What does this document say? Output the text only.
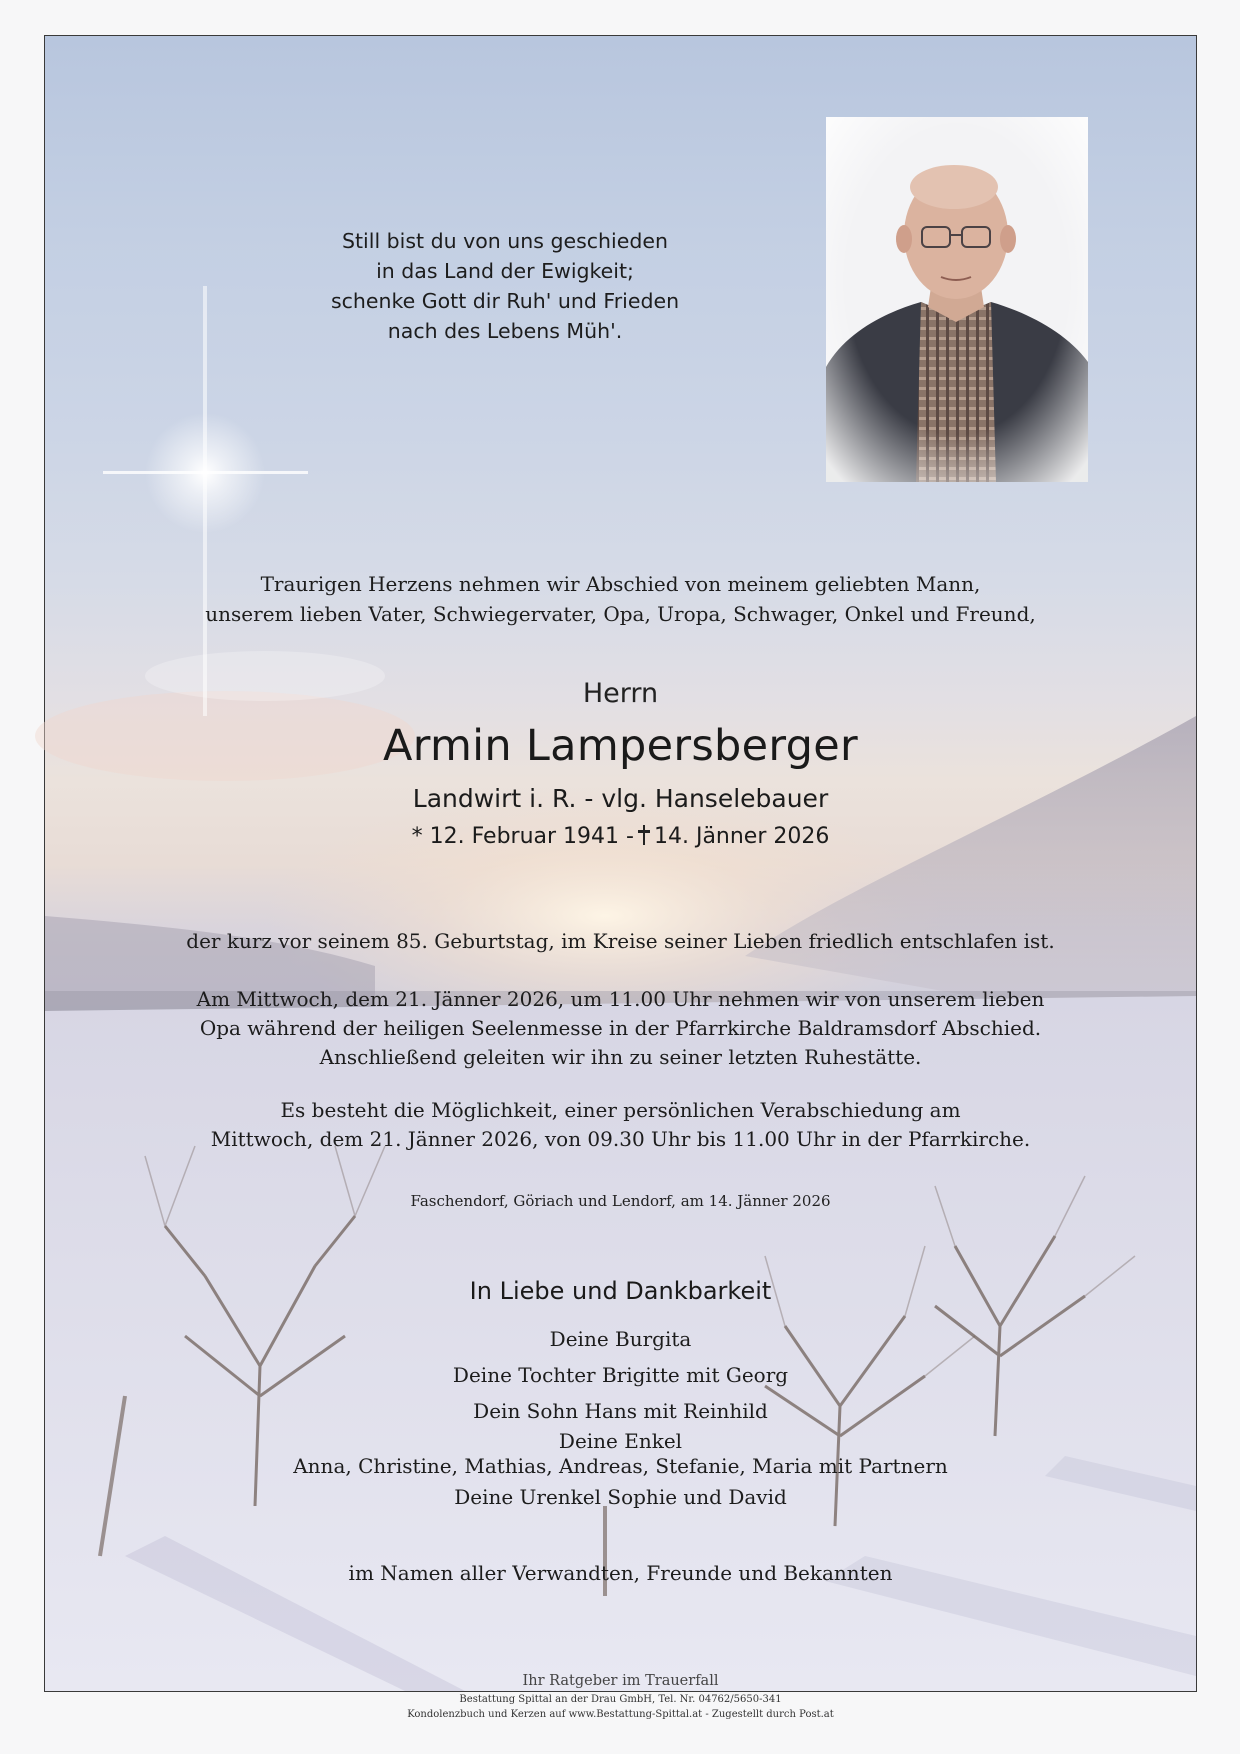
Still bist du von uns geschieden
in das Land der Ewigkeit;
schenke Gott dir Ruh' und Frieden
nach des Lebens Müh'.
Traurigen Herzens nehmen wir Abschied von meinem geliebten Mann,
unserem lieben Vater, Schwiegervater, Opa, Uropa, Schwager, Onkel und Freund,
Herrn
Armin Lampersberger
Landwirt i. R. - vlg. Hanselebauer
* 12. Februar 1941 - 14. Jänner 2026
der kurz vor seinem 85. Geburtstag, im Kreise seiner Lieben friedlich entschlafen ist.
Am Mittwoch, dem 21. Jänner 2026, um 11.00 Uhr nehmen wir von unserem lieben
Opa während der heiligen Seelenmesse in der Pfarrkirche Baldramsdorf Abschied.
Anschließend geleiten wir ihn zu seiner letzten Ruhestätte.
Es besteht die Möglichkeit, einer persönlichen Verabschiedung am
Mittwoch, dem 21. Jänner 2026, von 09.30 Uhr bis 11.00 Uhr in der Pfarrkirche.
Faschendorf, Göriach und Lendorf, am 14. Jänner 2026
In Liebe und Dankbarkeit
Deine Burgita
Deine Tochter Brigitte mit Georg
Dein Sohn Hans mit Reinhild
Deine Enkel
Anna, Christine, Mathias, Andreas, Stefanie, Maria mit Partnern
Deine Urenkel Sophie und David
im Namen aller Verwandten, Freunde und Bekannten
Ihr Ratgeber im Trauerfall
Bestattung Spittal an der Drau GmbH, Tel. Nr. 04762/5650-341
Kondolenzbuch und Kerzen auf www.Bestattung-Spittal.at - Zugestellt durch Post.at
